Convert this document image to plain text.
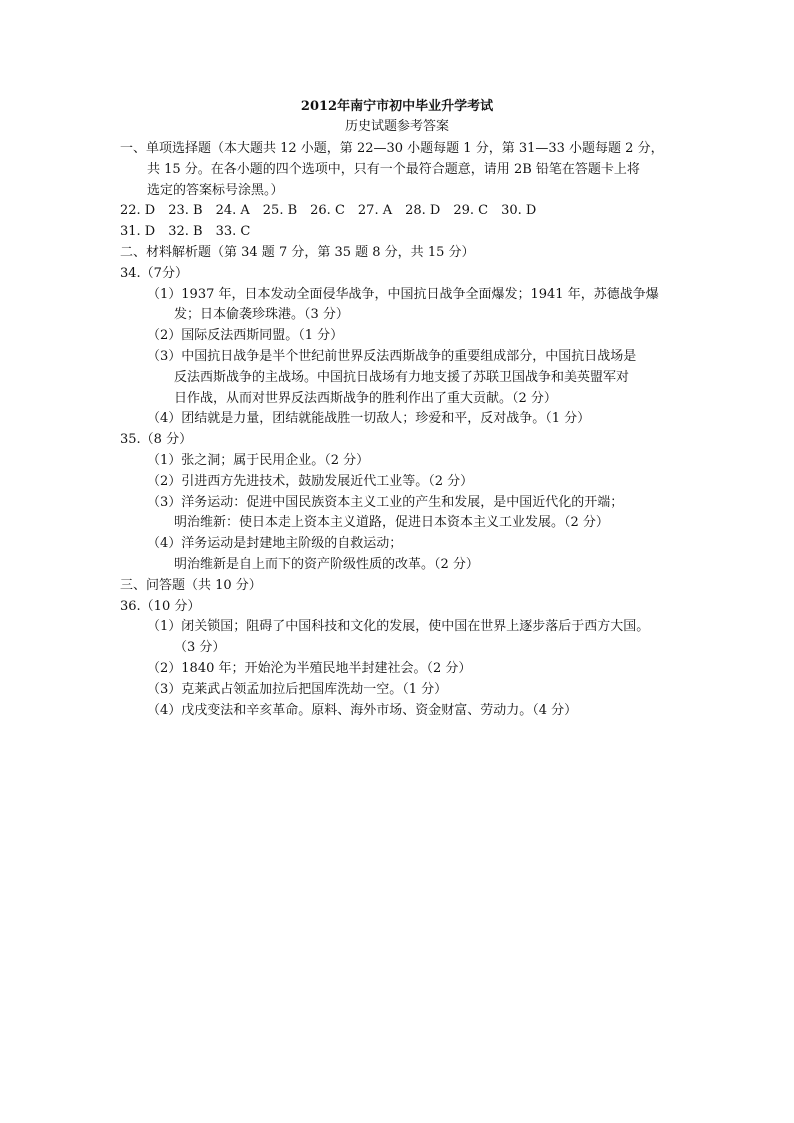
2012年南宁市初中毕业升学考试
历史试题参考答案
一、单项选择题（本大题共 12 小题，第 22—30 小题每题 1 分，第 31—33 小题每题 2 分，
共 15 分。在各小题的四个选项中，只有一个最符合题意，请用 2B 铅笔在答题卡上将
选定的答案标号涂黑。）
22. D　23. B　24. A　25. B　26. C　27. A　28. D　29. C　30. D
31. D　32. B　33. C
二、材料解析题（第 34 题 7 分，第 35 题 8 分，共 15 分）
34.（7分）
（1）1937 年，日本发动全面侵华战争，中国抗日战争全面爆发；1941 年，苏德战争爆
发；日本偷袭珍珠港。（3 分）
（2）国际反法西斯同盟。（1 分）
（3）中国抗日战争是半个世纪前世界反法西斯战争的重要组成部分，中国抗日战场是
反法西斯战争的主战场。中国抗日战场有力地支援了苏联卫国战争和美英盟军对
日作战，从而对世界反法西斯战争的胜利作出了重大贡献。（2 分）
（4）团结就是力量，团结就能战胜一切敌人；珍爱和平，反对战争。（1 分）
35.（8 分）
（1）张之洞；属于民用企业。（2 分）
（2）引进西方先进技术，鼓励发展近代工业等。（2 分）
（3）洋务运动：促进中国民族资本主义工业的产生和发展，是中国近代化的开端；
明治维新：使日本走上资本主义道路，促进日本资本主义工业发展。（2 分）
（4）洋务运动是封建地主阶级的自救运动；
明治维新是自上而下的资产阶级性质的改革。（2 分）
三、问答题（共 10 分）
36.（10 分）
（1）闭关锁国；阻碍了中国科技和文化的发展，使中国在世界上逐步落后于西方大国。
（3 分）
（2）1840 年；开始沦为半殖民地半封建社会。（2 分）
（3）克莱武占领孟加拉后把国库洗劫一空。（1 分）
（4）戊戌变法和辛亥革命。原料、海外市场、资金财富、劳动力。（4 分）
